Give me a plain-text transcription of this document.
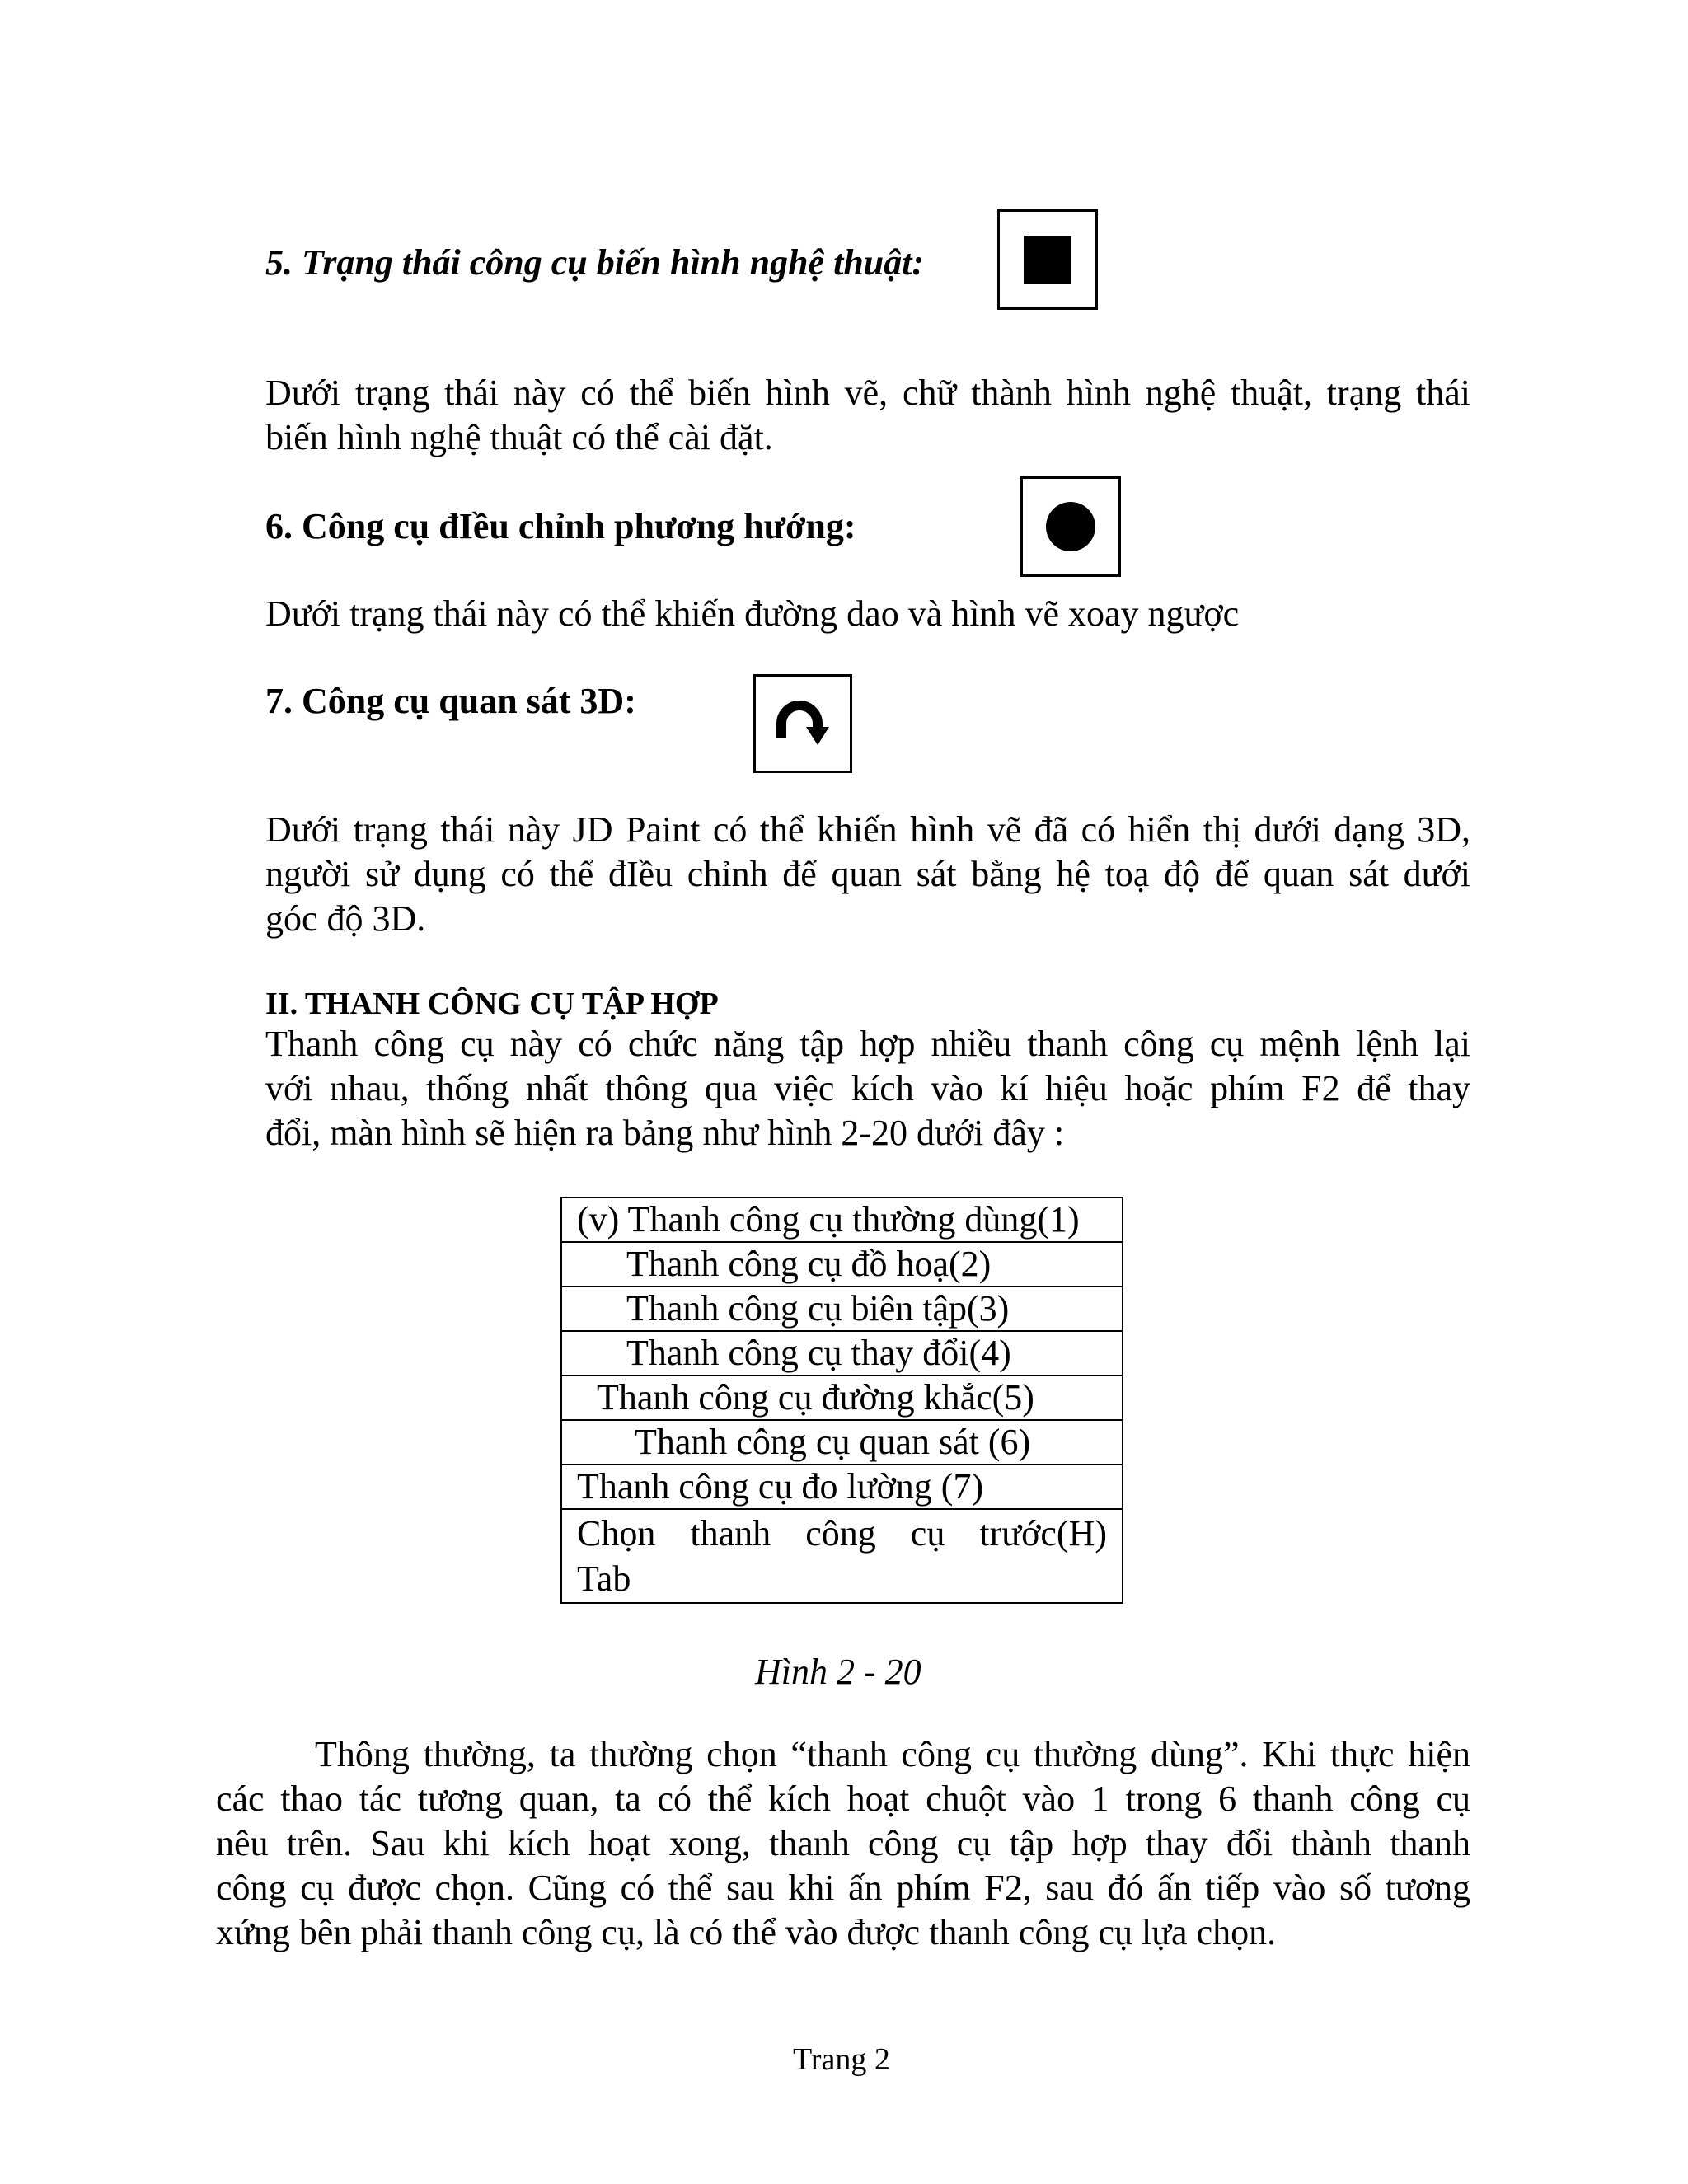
5. Trạng thái công cụ biến hình nghệ thuật:
Dưới trạng thái này có thể biến hình vẽ, chữ thành hình nghệ thuật, trạng thái
biến hình nghệ thuật có thể cài đặt.
6. Công cụ đIều chỉnh phương hướng:
Dưới trạng thái này có thể khiến đường dao và hình vẽ xoay ngược
7. Công cụ quan sát 3D:
Dưới trạng thái này JD Paint có thể khiến hình vẽ đã có hiển thị dưới dạng 3D,
người sử dụng có thể đIều chỉnh để quan sát bằng hệ toạ độ để quan sát dưới
góc độ 3D.
II. THANH CÔNG CỤ TẬP HỢP
Thanh công cụ này có chức năng tập hợp nhiều thanh công cụ mệnh lệnh lại
với nhau, thống nhất thông qua việc kích vào kí hiệu hoặc phím F2 để thay
đổi, màn hình sẽ hiện ra bảng như hình 2-20 dưới đây :
(v) Thanh công cụ thường dùng(1)
Thanh công cụ đồ hoạ(2)
Thanh công cụ biên tập(3)
Thanh công cụ thay đổi(4)
Thanh công cụ đường khắc(5)
Thanh công cụ quan sát (6)
Thanh công cụ đo lường (7)

Chọn thanh công cụ trước(H)
Tab
Hình 2 - 20
Thông thường, ta thường chọn “thanh công cụ thường dùng”. Khi thực hiện
các thao tác tương quan, ta có thể kích hoạt chuột vào 1 trong 6 thanh công cụ
nêu trên. Sau khi kích hoạt xong, thanh công cụ tập hợp thay đổi thành thanh
công cụ được chọn. Cũng có thể sau khi ấn phím F2, sau đó ấn tiếp vào số tương
xứng bên phải thanh công cụ, là có thể vào được thanh công cụ lựa chọn.
Trang 2
